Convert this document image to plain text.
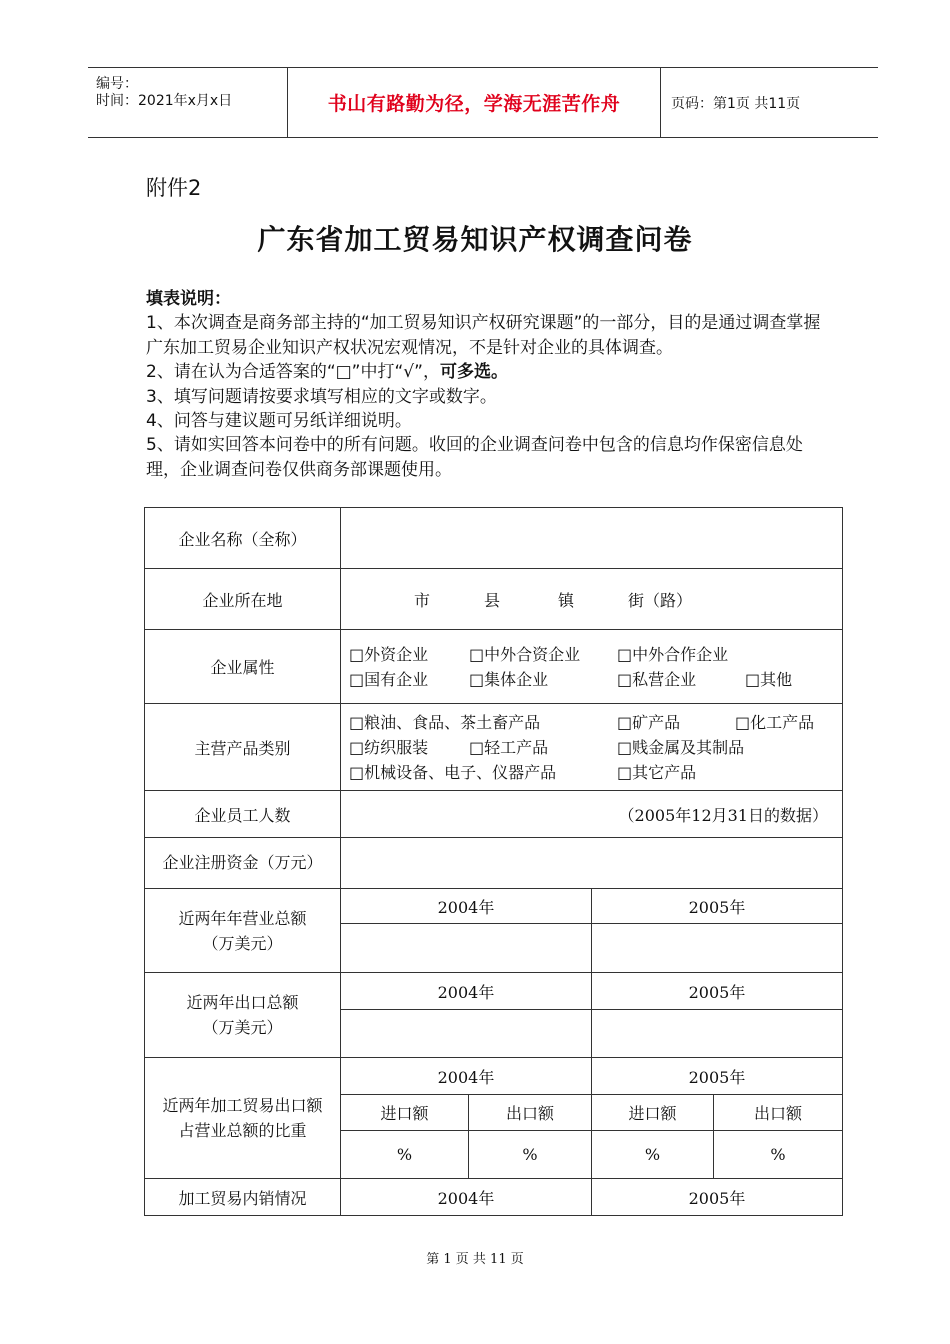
编号：
时间：2021年x月x日	书山有路勤为径，学海无涯苦作舟	页码：第1页 共11页
附件2
广东省加工贸易知识产权调查问卷

填表说明：

1、本次调查是商务部主持的“加工贸易知识产权研究课题”的一部分，目的是通过调查掌握广东加工贸易企业知识产权状况宏观情况，不是针对企业的具体调查。

2、请在认为合适答案的“□”中打“√”，可多选。

3、填写问题请按要求填写相应的文字或数字。

4、问答与建议题可另纸详细说明。

5、请如实回答本问卷中的所有问题。收回的企业调查问卷中包含的信息均作保密信息处理，企业调查问卷仅供商务部课题使用。

企业名称（全称）				
企业所在地	市 县 镇 街（路）			
企业属性	□外资企业 □中外合资企业 □中外合作企业
□国有企业 □集体企业 □私营企业 □其他			

主营产品类别	□粮油、食品、茶土畜产品 □矿产品 □化工产品
□纺织服装 □轻工产品 □贱金属及其制品
□机械设备、电子、仪器产品 □其它产品			

企业员工人数	（2005年12月31日的数据）			
企业注册资金（万元）				
近两年年营业总额（万美元）	2004年		2005年	

近两年出口总额（万美元）	2004年		2005年	

近两年加工贸易出口额占营业总额的比重	2004年		2005年	
	进口额	出口额	进口额	出口额
	%	%	%	%
加工贸易内销情况	2004年		2005年	
第 1 页 共 11 页
